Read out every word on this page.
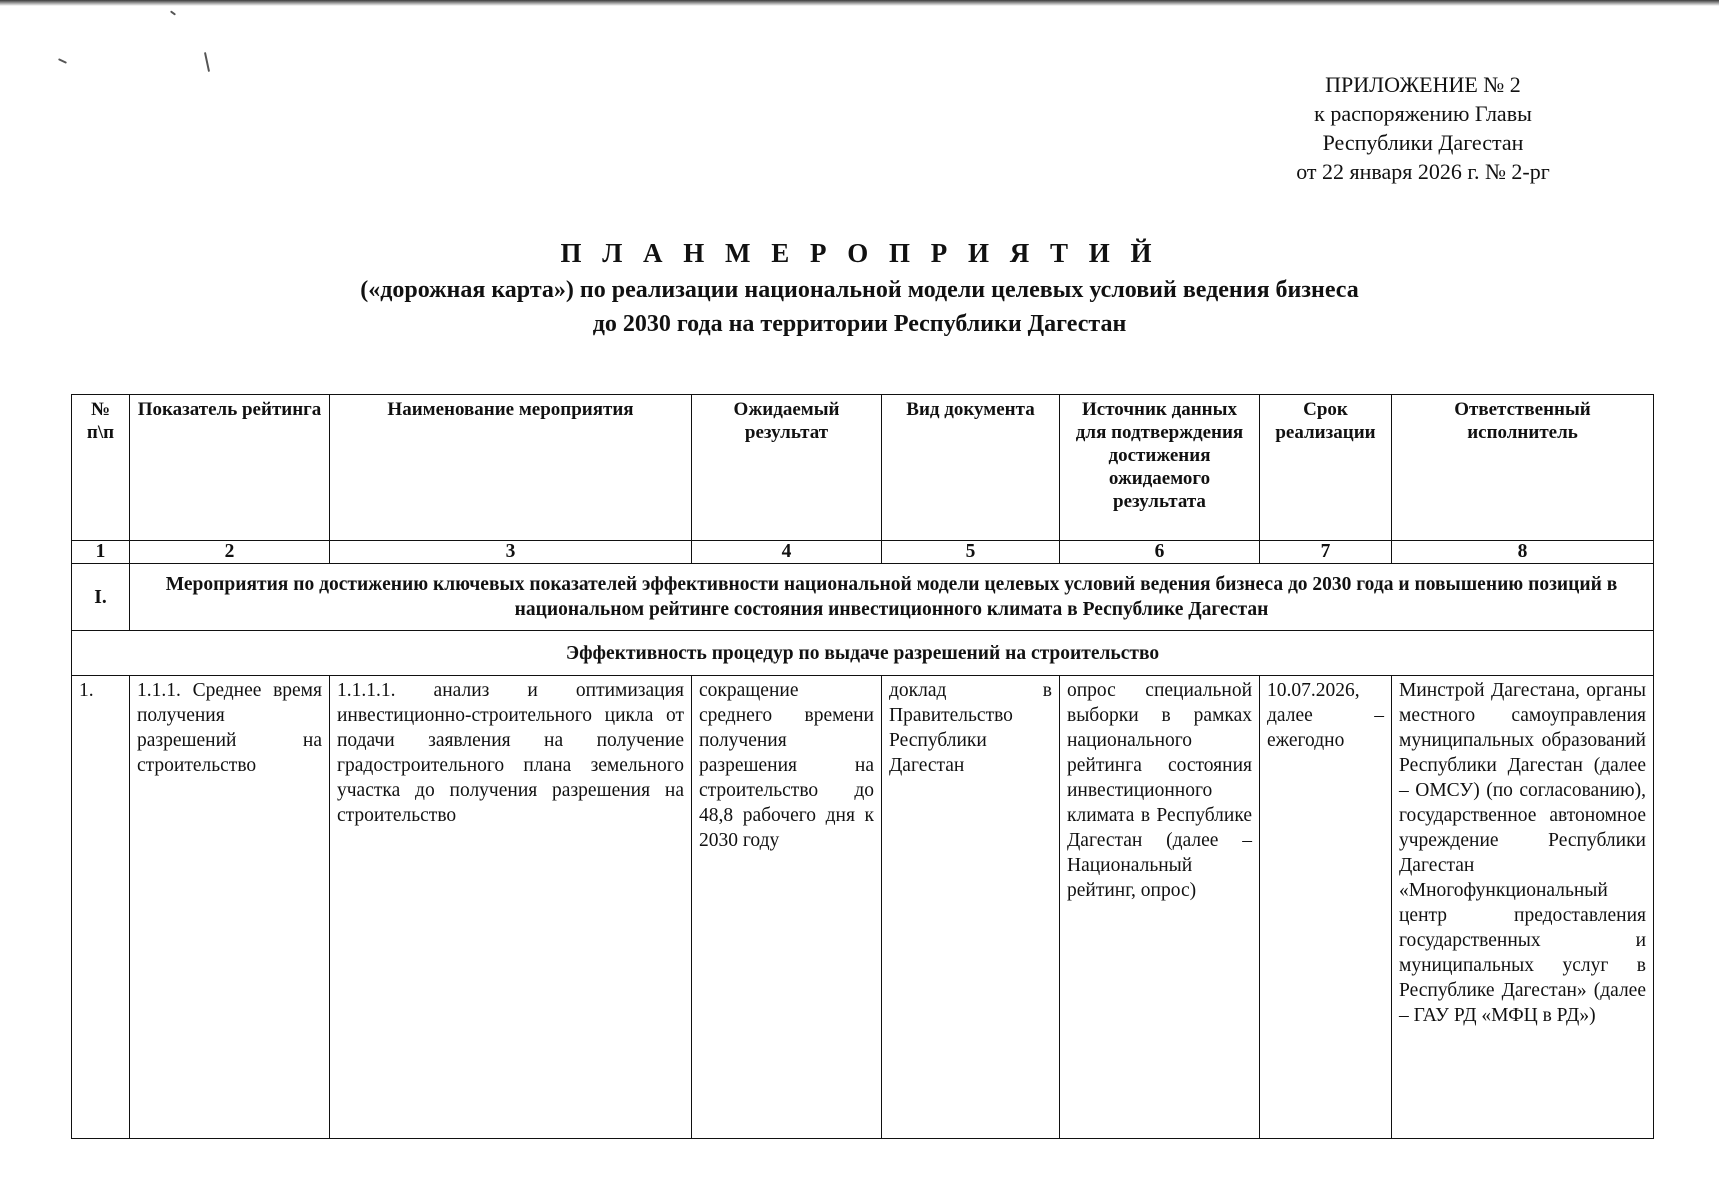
ПРИЛОЖЕНИЕ № 2
к распоряжению Главы
Республики Дагестан
от 22 января 2026 г. № 2-рг
П Л А Н М Е Р О П Р И Я Т И Й
(«дорожная карта») по реализации национальной модели целевых условий ведения бизнеса
до 2030 года на территории Республики Дагестан
№ п\п	Показатель рейтинга	Наименование мероприятия	Ожидаемый результат	Вид документа	Источник данных для подтверждения достижения ожидаемого результата	Срок реализации	Ответственный исполнитель
1	2	3	4	5	6	7	8
I.	Мероприятия по достижению ключевых показателей эффективности национальной модели целевых условий ведения бизнеса до 2030 года и повышению позиций в национальном рейтинге состояния инвестиционного климата в Республике Дагестан						
Эффективность процедур по выдаче разрешений на строительство							
1.	1.1.1. Среднее время получения разрешений на строительство	1.1.1.1. анализ и оптимизация инвестиционно-строительного цикла от подачи заявления на получение градостроительного плана земельного участка до получения разрешения на строительство	сокращение среднего времени получения разрешения на строительство до 48,8 рабочего дня к 2030 году	доклад в Правительство Республики Дагестан	опрос специальной выборки в рамках национального рейтинга состояния инвестиционного климата в Республике Дагестан (далее – Национальный рейтинг, опрос)	10.07.2026, далее – ежегодно	Минстрой Дагестана, органы местного самоуправления муниципальных образований Республики Дагестан (далее – ОМСУ) (по согласованию), государственное автономное учреждение Республики Дагестан «Многофункциональный центр предоставления государственных и муниципальных услуг в Республике Дагестан» (далее – ГАУ РД «МФЦ в РД»)
